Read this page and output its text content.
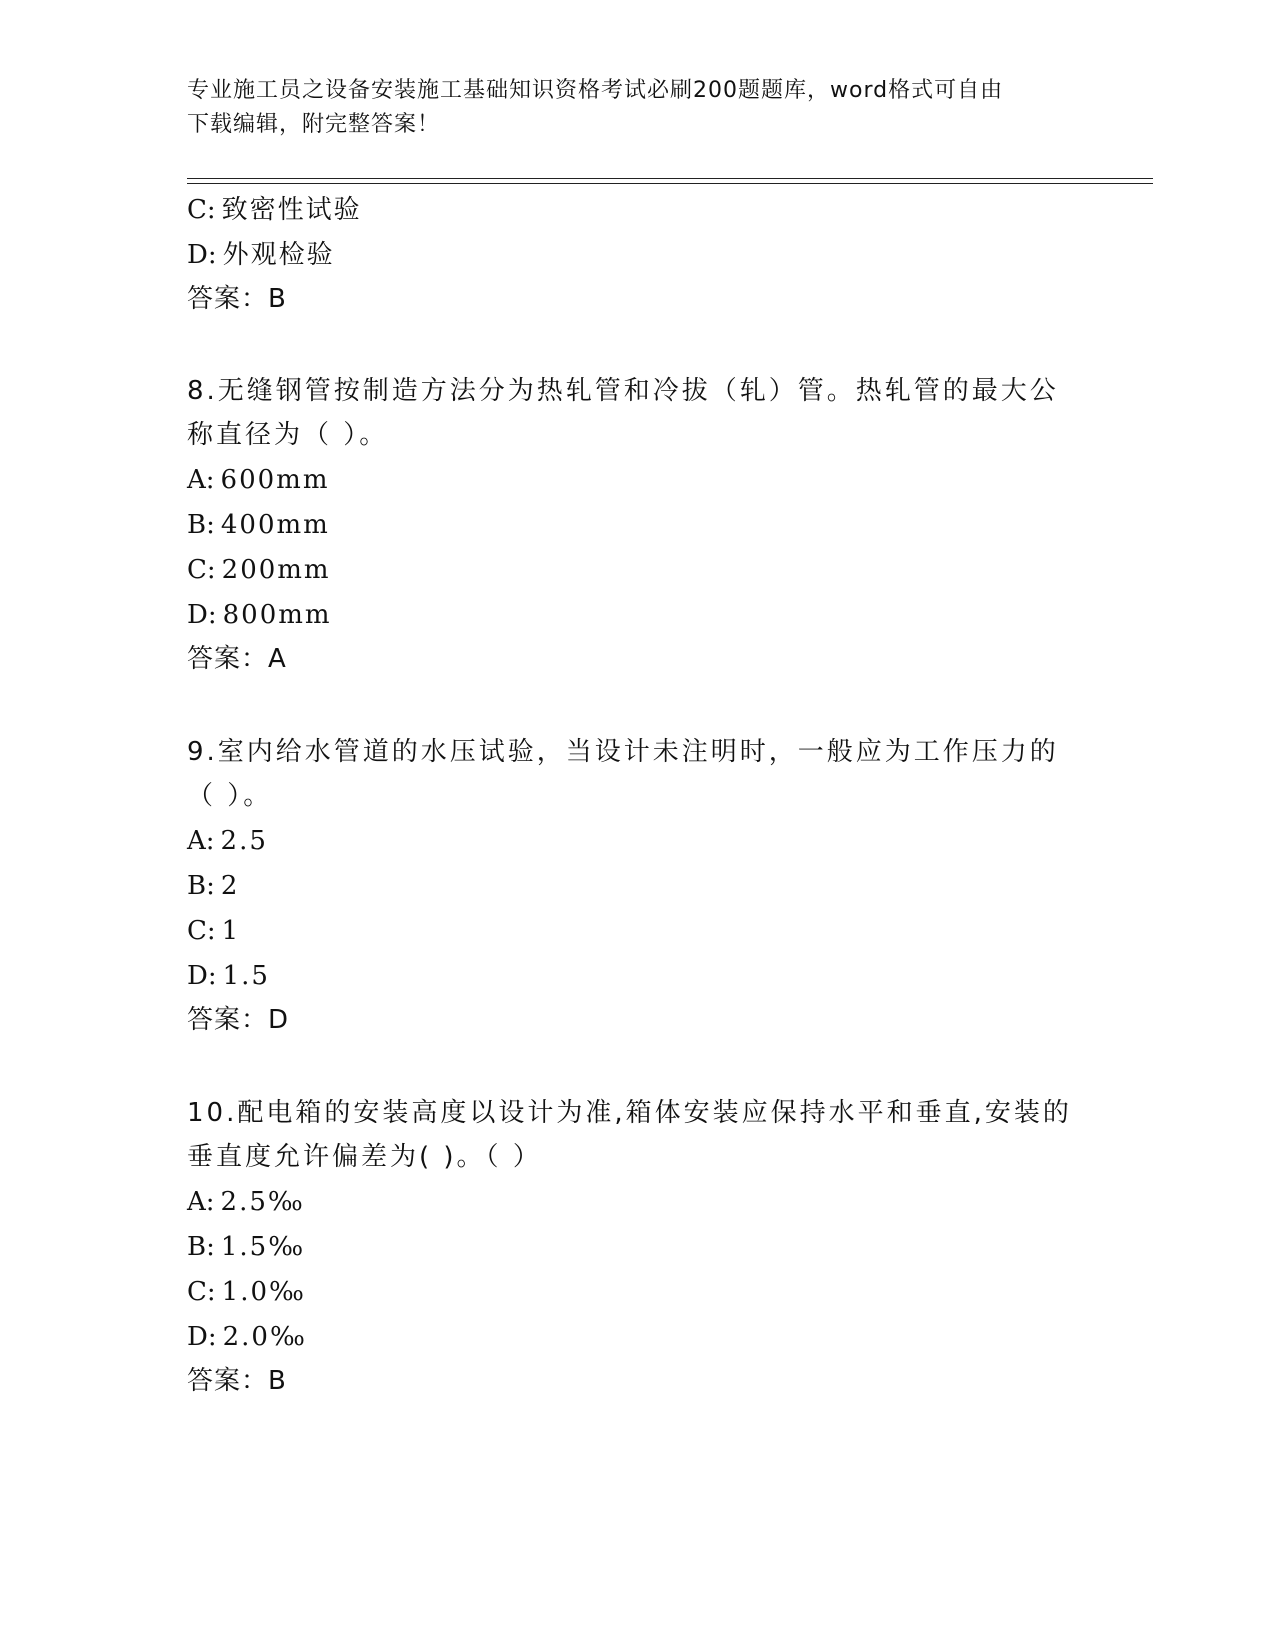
专业施工员之设备安装施工基础知识资格考试必刷200题题库，word格式可自由
下载编辑，附完整答案！
C: 致密性试验
D: 外观检验
答案：B
8.无缝钢管按制造方法分为热轧管和冷拔（轧）管。热轧管的最大公
称直径为（ ）。
A: 600mm
B: 400mm
C: 200mm
D: 800mm
答案：A
9.室内给水管道的水压试验，当设计未注明时，一般应为工作压力的
（ ）。
A: 2.5
B: 2
C: 1
D: 1.5
答案：D
10.配电箱的安装高度以设计为准,箱体安装应保持水平和垂直,安装的
垂直度允许偏差为( )。（ ）
A: 2.5‰
B: 1.5‰
C: 1.0‰
D: 2.0‰
答案：B
